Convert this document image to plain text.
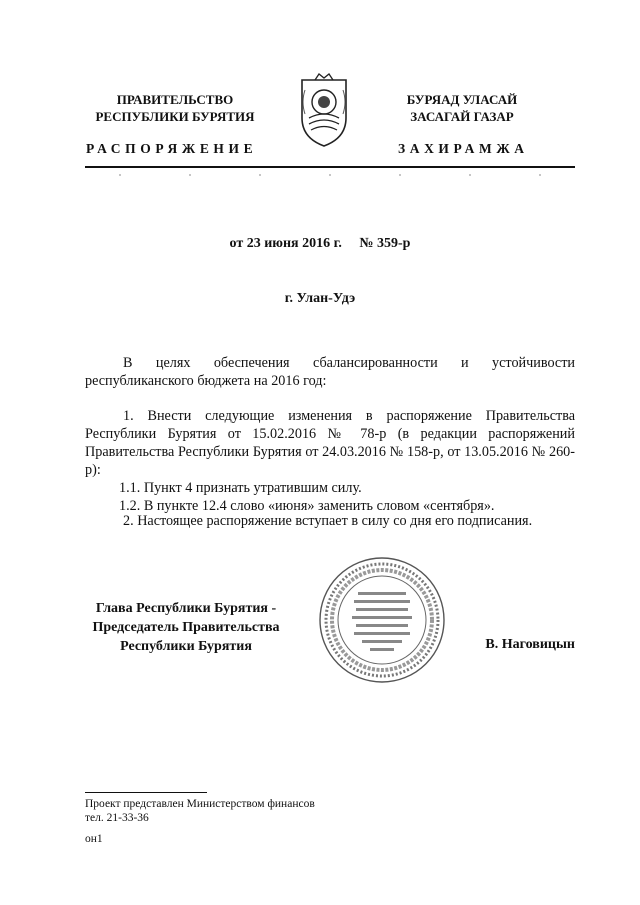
ПРАВИТЕЛЬСТВО
РЕСПУБЛИКИ БУРЯТИЯ
БУРЯАД УЛАСАЙ
ЗАСАГАЙ ГАЗАР
РАСПОРЯЖЕНИЕ	ЗАХИРАМЖА
от 23 июня 2016 г. № 359-р
г. Улан-Удэ
В целях обеспечения сбалансированности и устойчивости республиканского бюджета на 2016 год:
1. Внести следующие изменения в распоряжение Правительства Республики Бурятия от 15.02.2016 № 78-р (в редакции распоряжений Правительства Республики Бурятия от 24.03.2016 № 158-р, от 13.05.2016 № 260-р):
1.1. Пункт 4 признать утратившим силу.
1.2. В пункте 12.4 слово «июня» заменить словом «сентября».
2. Настоящее распоряжение вступает в силу со дня его подписания.
Глава Республики Бурятия -
Председатель Правительства
Республики Бурятия	В. Наговицын
Проект представлен Министерством финансов
тел. 21-33-36
он1
